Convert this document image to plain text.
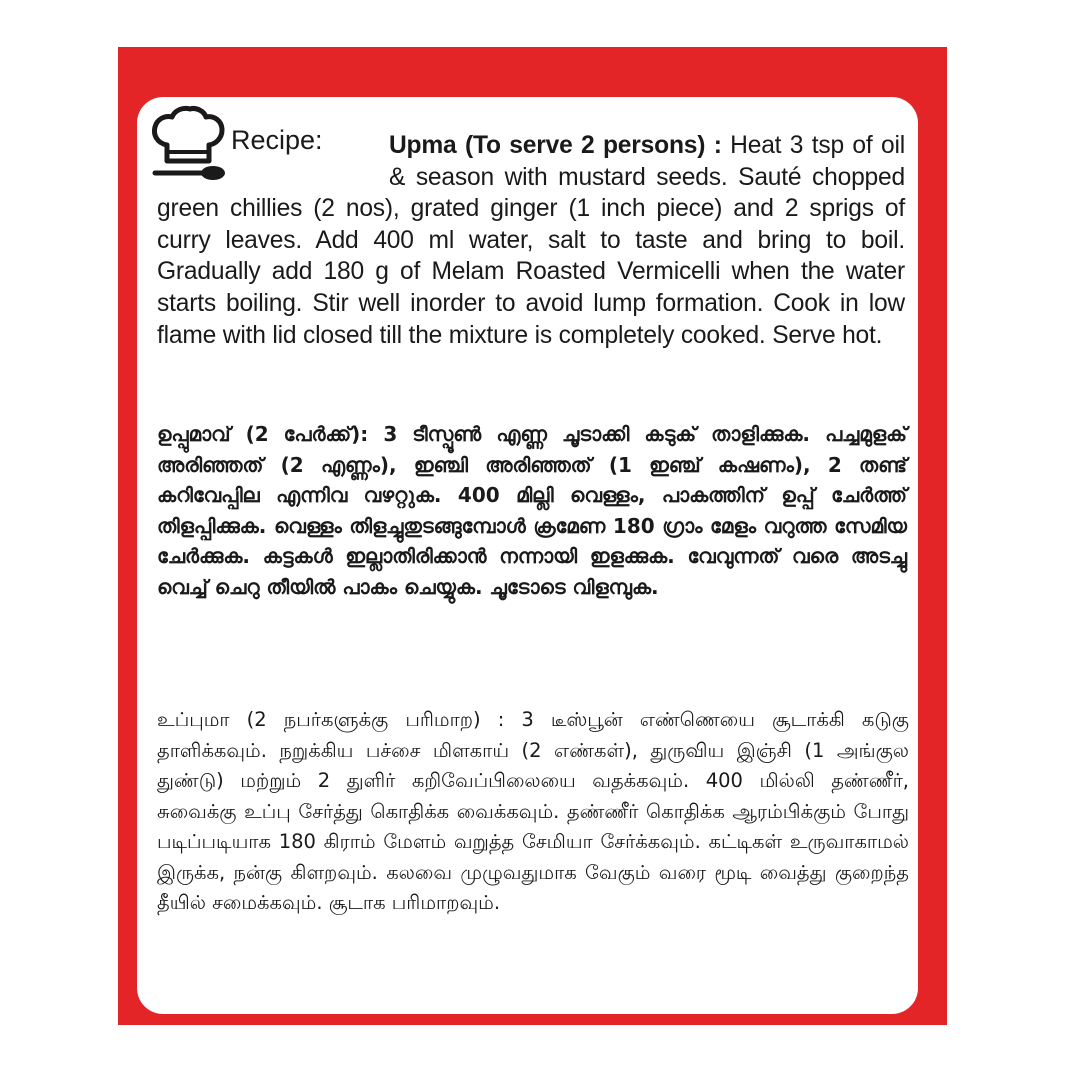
Recipe:	Upma (To serve 2 persons) : Heat 3 tsp of oil & season with mustard seeds. Sauté chopped green chillies (2 nos), grated ginger (1 inch piece) and 2 sprigs of curry leaves. Add 400 ml water, salt to taste and bring to boil. Gradually add 180 g of Melam Roasted Vermicelli when the water starts boiling. Stir well inorder to avoid lump formation. Cook in low flame with lid closed till the mixture is completely cooked. Serve hot.
ഉപ്പുമാവ് (2 പേർക്ക്): 3 ടീസ്പൂൺ എണ്ണ ചൂടാക്കി കടുക് താളിക്കുക. പച്ചമുളക് അരിഞ്ഞത് (2 എണ്ണം), ഇഞ്ചി അരിഞ്ഞത് (1 ഇഞ്ച് കഷണം), 2 തണ്ട് കറിവേപ്പില എന്നിവ വഴറ്റുക. 400 മില്ലി വെള്ളം, പാകത്തിന് ഉപ്പ് ചേർത്ത് തിളപ്പിക്കുക. വെള്ളം തിളച്ചുതുടങ്ങുമ്പോൾ ക്രമേണ 180 ഗ്രാം മേളം വറുത്ത സേമിയ ചേർക്കുക. കട്ടകൾ ഇല്ലാതിരിക്കാൻ നന്നായി ഇളക്കുക. വേവുന്നത് വരെ അടച്ചു വെച്ച് ചെറു തീയിൽ പാകം ചെയ്യുക. ചൂടോടെ വിളമ്പുക.
உப்புமா (2 நபர்களுக்கு பரிமாற) : 3 டீஸ்பூன் எண்ணெயை சூடாக்கி கடுகு தாளிக்கவும். நறுக்கிய பச்சை மிளகாய் (2 எண்கள்), துருவிய இஞ்சி (1 அங்குல துண்டு) மற்றும் 2 துளிர் கறிவேப்பிலையை வதக்கவும். 400 மில்லி தண்ணீர், சுவைக்கு உப்பு சேர்த்து கொதிக்க வைக்கவும். தண்ணீர் கொதிக்க ஆரம்பிக்கும் போது படிப்படியாக 180 கிராம் மேளம் வறுத்த சேமியா சேர்க்கவும். கட்டிகள் உருவாகாமல் இருக்க, நன்கு கிளறவும். கலவை முழுவதுமாக வேகும் வரை மூடி வைத்து குறைந்த தீயில் சமைக்கவும். சூடாக பரிமாறவும்.
